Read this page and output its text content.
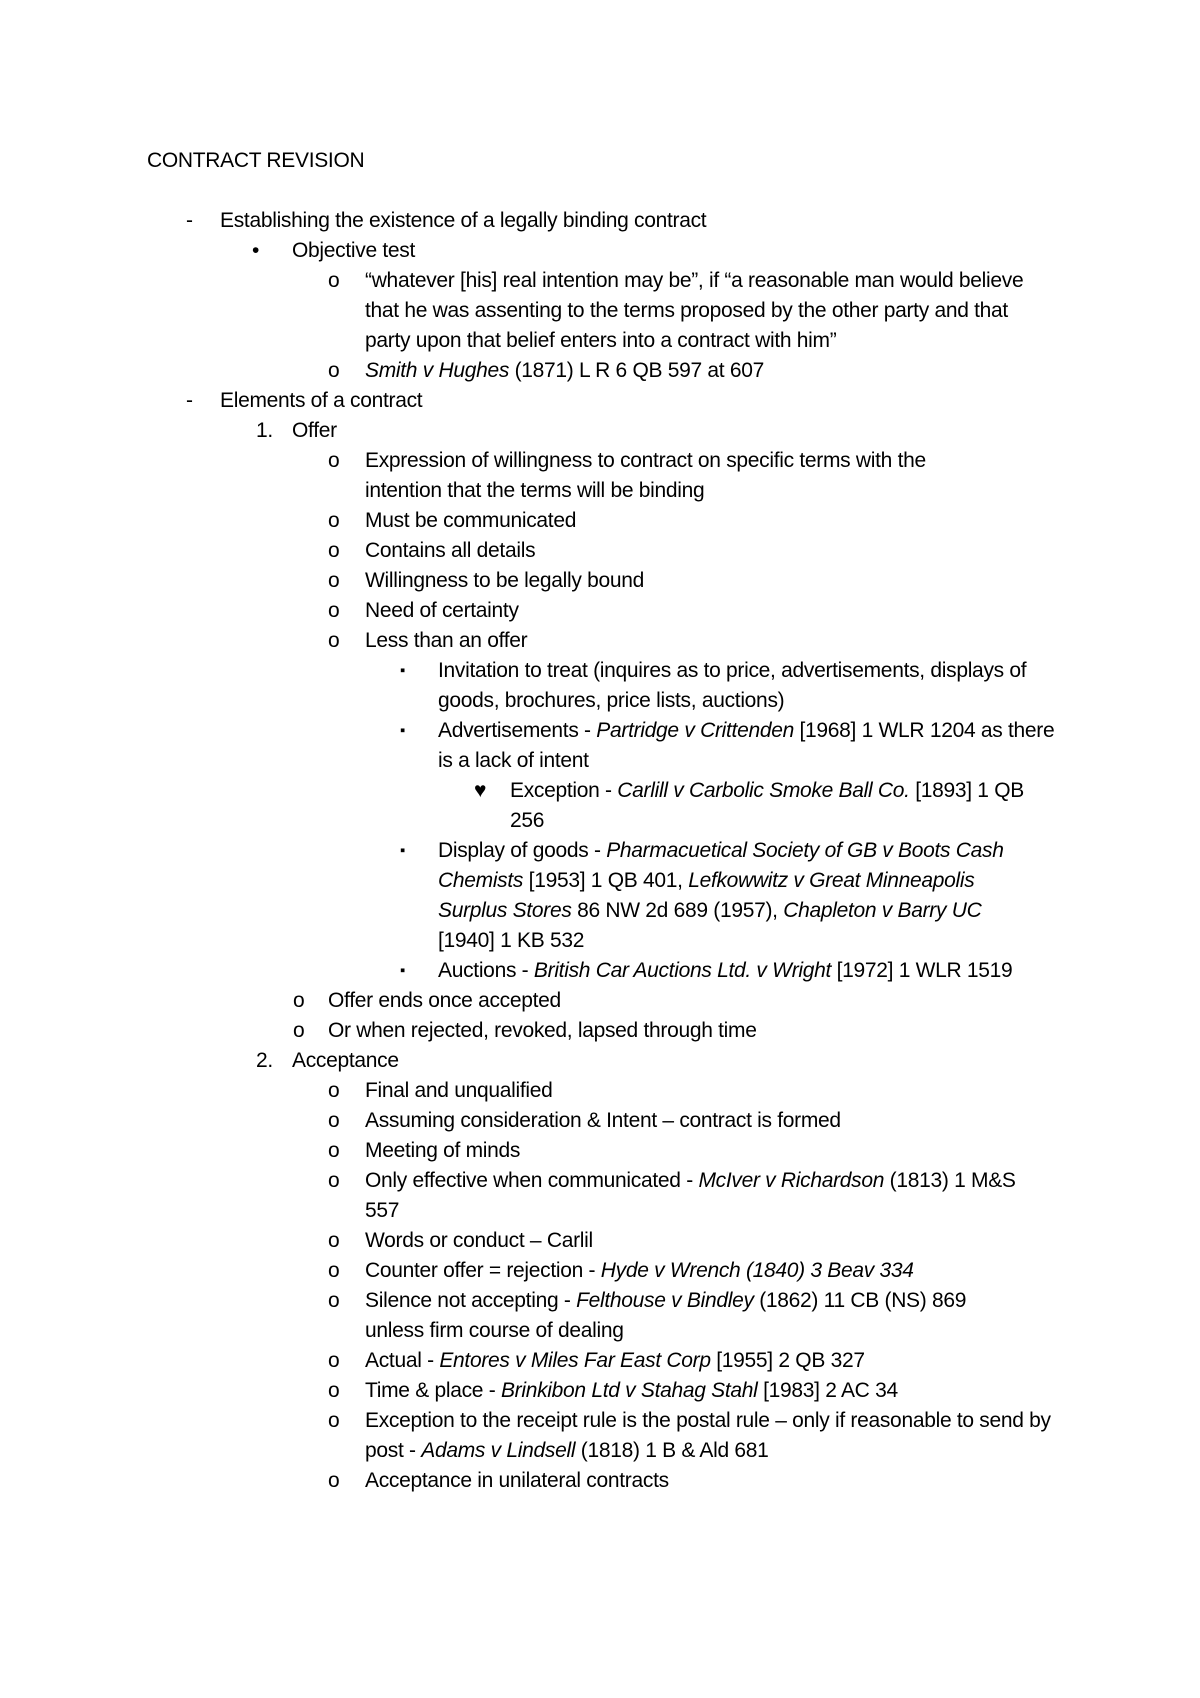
CONTRACT REVISION
- Establishing the existence of a legally binding contract
• Objective test
o “whatever [his] real intention may be”, if “a reasonable man would believe that he was assenting to the terms proposed by the other party and that party upon that belief enters into a contract with him”
o Smith v Hughes (1871) L R 6 QB 597 at 607
- Elements of a contract
1. Offer
o Expression of willingness to contract on specific terms with the intention that the terms will be binding
o Must be communicated
o Contains all details
o Willingness to be legally bound
o Need of certainty
o Less than an offer
▪ Invitation to treat (inquires as to price, advertisements, displays of goods, brochures, price lists, auctions)
▪ Advertisements - Partridge v Crittenden [1968] 1 WLR 1204 as there is a lack of intent
♥ Exception - Carlill v Carbolic Smoke Ball Co. [1893] 1 QB 256
▪ Display of goods - Pharmacuetical Society of GB v Boots Cash Chemists [1953] 1 QB 401, Lefkowwitz v Great Minneapolis Surplus Stores 86 NW 2d 689 (1957), Chapleton v Barry UC [1940] 1 KB 532
▪ Auctions - British Car Auctions Ltd. v Wright [1972] 1 WLR 1519
o Offer ends once accepted
o Or when rejected, revoked, lapsed through time
2. Acceptance
o Final and unqualified
o Assuming consideration & Intent – contract is formed
o Meeting of minds
o Only effective when communicated - McIver v Richardson (1813) 1 M&S 557
o Words or conduct – Carlil
o Counter offer = rejection - Hyde v Wrench (1840) 3 Beav 334
o Silence not accepting - Felthouse v Bindley (1862) 11 CB (NS) 869 unless firm course of dealing
o Actual - Entores v Miles Far East Corp [1955] 2 QB 327
o Time & place - Brinkibon Ltd v Stahag Stahl [1983] 2 AC 34
o Exception to the receipt rule is the postal rule – only if reasonable to send by post - Adams v Lindsell (1818) 1 B & Ald 681
o Acceptance in unilateral contracts
